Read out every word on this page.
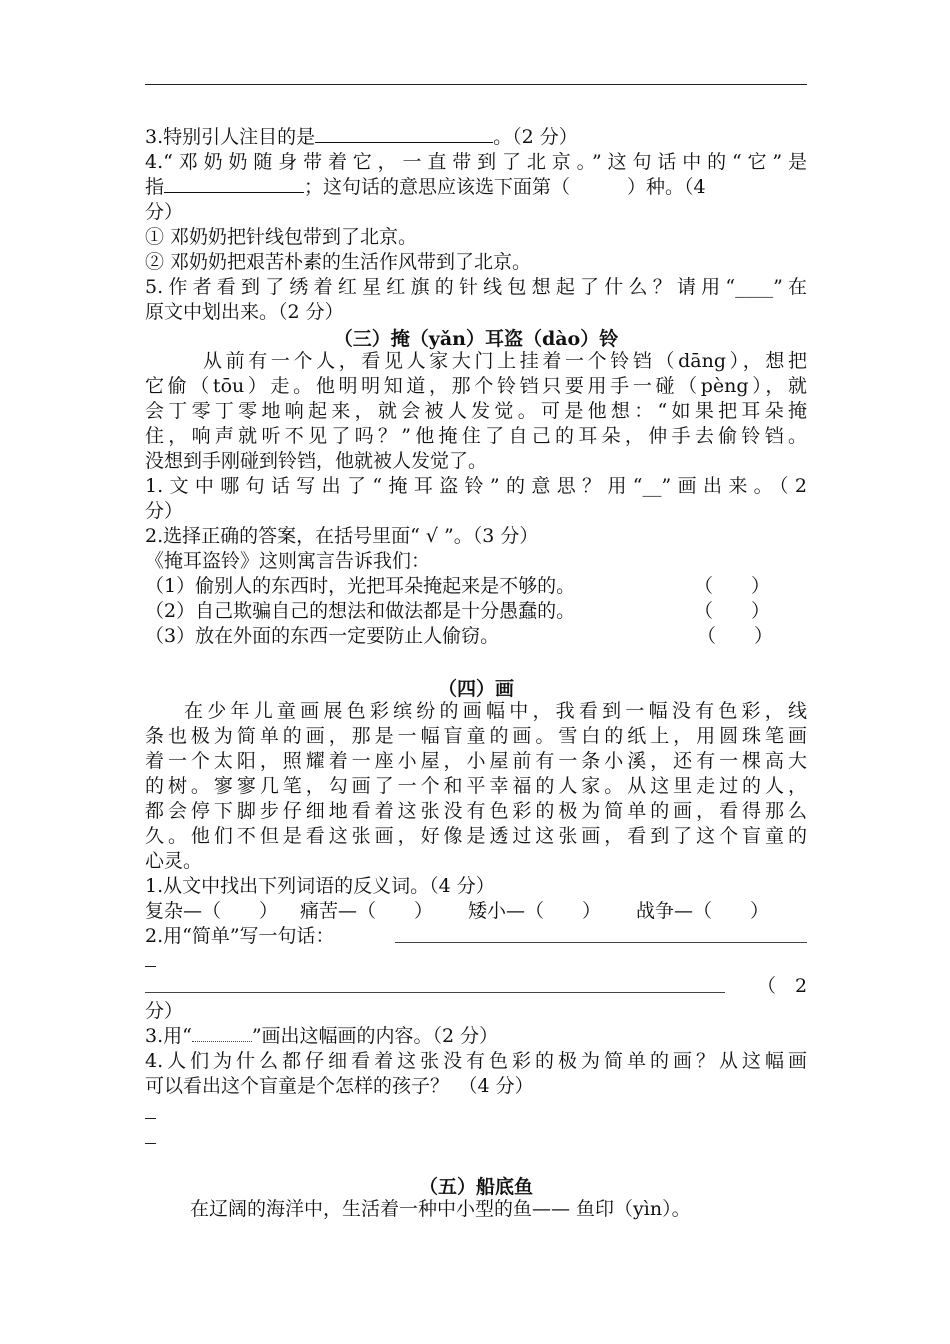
3.特别引人注目的是	。（2 分）
4.“邓奶奶随身带着它，一直带到了北京。”这句话中的“它”是
指	；这句话的意思应该选下面第（　　　）种。（4
分）
① 邓奶奶把针线包带到了北京。
② 邓奶奶把艰苦朴素的生活作风带到了北京。
5.作者看到了绣着红星红旗的针线包想起了什么？请用“____”在
原文中划出来。（2 分）
（三）掩（yǎn）耳盗（dào）铃
从前有一个人，看见人家大门上挂着一个铃铛（dāng），想把
它偷（tōu）走。他明明知道，那个铃铛只要用手一碰（pèng），就
会丁零丁零地响起来，就会被人发觉。可是他想：“如果把耳朵掩
住，响声就听不见了吗？”他掩住了自己的耳朵，伸手去偷铃铛。
没想到手刚碰到铃铛，他就被人发觉了。
1.文中哪句话写出了“掩耳盗铃”的意思？用“__”画出来。（2
分）
2.选择正确的答案，在括号里面“ √ ”。（3 分）
《掩耳盗铃》这则寓言告诉我们：
（1）偷别人的东西时，光把耳朵掩起来是不够的。	（　　）
（2）自己欺骗自己的想法和做法都是十分愚蠢的。	（　　）
（3）放在外面的东西一定要防止人偷窃。	（　　）
（四）画
在少年儿童画展色彩缤纷的画幅中，我看到一幅没有色彩，线
条也极为简单的画，那是一幅盲童的画。雪白的纸上，用圆珠笔画
着一个太阳，照耀着一座小屋，小屋前有一条小溪，还有一棵高大
的树。寥寥几笔，勾画了一个和平幸福的人家。从这里走过的人，
都会停下脚步仔细地看着这张没有色彩的极为简单的画，看得那么
久。他们不但是看这张画，好像是透过这张画，看到了这个盲童的
心灵。
1.从文中找出下列词语的反义词。（4 分）
复杂—（　　）	痛苦—（　　）	矮小—（　　）	战争—（　　）
2.用“简单”写一句话：
（　2
分）
3.用“	”画出这幅画的内容。（2 分）
4.人们为什么都仔细看着这张没有色彩的极为简单的画？从这幅画
可以看出这个盲童是个怎样的孩子？　（4 分）
（五）船底鱼
在辽阔的海洋中，生活着一种中小型的鱼—— 鱼印（yìn）。
